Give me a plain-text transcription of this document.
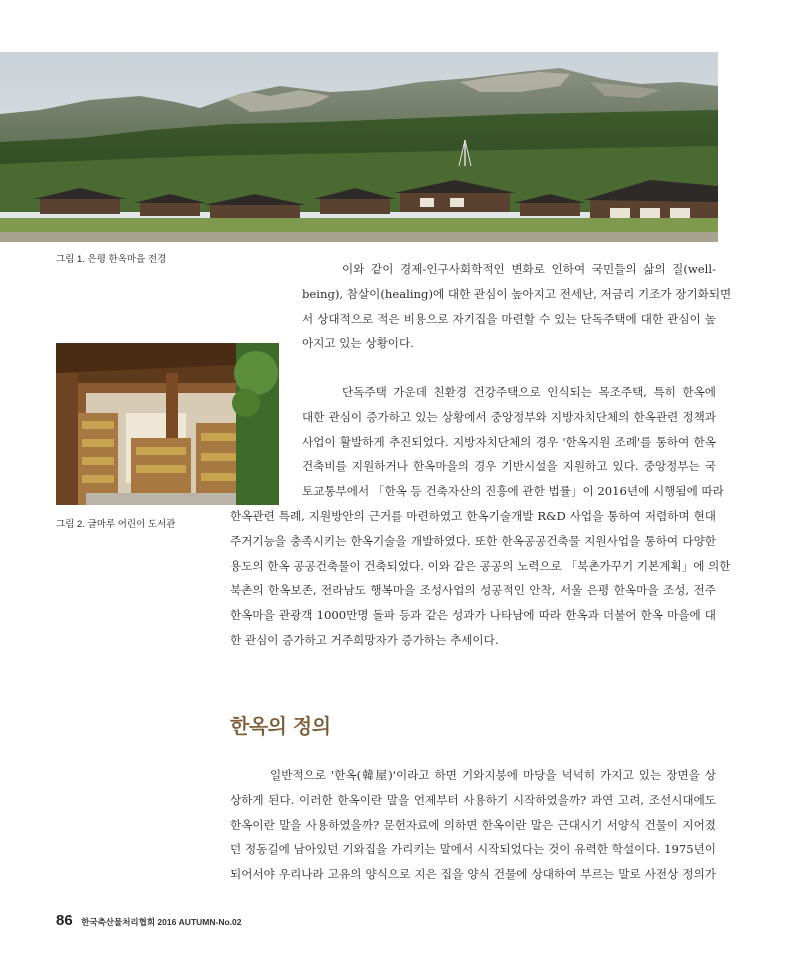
그림 1. 은평 한옥마을 전경
그림 2. 글마루 어린이 도서관
이와 같이 경제-인구사회학적인 변화로 인하여 국민들의 삶의 질(well-
being), 참살이(healing)에 대한 관심이 높아지고 전세난, 저금리 기조가 장기화되면
서 상대적으로 적은 비용으로 자기집을 마련할 수 있는 단독주택에 대한 관심이 높
아지고 있는 상황이다.
단독주택 가운데 친환경 건강주택으로 인식되는 목조주택, 특히 한옥에
대한 관심이 증가하고 있는 상황에서 중앙정부와 지방자치단체의 한옥관련 정책과
사업이 활발하게 추진되었다. 지방자치단체의 경우 '한옥지원 조례'를 통하여 한옥
건축비를 지원하거나 한옥마을의 경우 기반시설을 지원하고 있다. 중앙정부는 국
토교통부에서 「한옥 등 건축자산의 진흥에 관한 법률」이 2016년에 시행됨에 따라
한옥관련 특례, 지원방안의 근거를 마련하였고 한옥기술개발 R&D 사업을 통하여 저렴하며 현대
주거기능을 충족시키는 한옥기술을 개발하였다. 또한 한옥공공건축물 지원사업을 통하여 다양한
용도의 한옥 공공건축물이 건축되었다. 이와 같은 공공의 노력으로 「북촌가꾸기 기본계획」에 의한
북촌의 한옥보존, 전라남도 행복마을 조성사업의 성공적인 안착, 서울 은평 한옥마을 조성, 전주
한옥마을 관광객 1000만명 돌파 등과 같은 성과가 나타남에 따라 한옥과 더불어 한옥 마을에 대
한 관심이 증가하고 거주희망자가 증가하는 추세이다.
한옥의 정의
일반적으로 '한옥(韓屋)'이라고 하면 기와지붕에 마당을 넉넉히 가지고 있는 장면을 상
상하게 된다. 이러한 한옥이란 말을 언제부터 사용하기 시작하였을까? 과연 고려, 조선시대에도
한옥이란 말을 사용하였을까? 문헌자료에 의하면 한옥이란 말은 근대시기 서양식 건물이 지어졌
던 정동길에 남아있던 기와집을 가리키는 말에서 시작되었다는 것이 유력한 학설이다. 1975년이
되어서야 우리나라 고유의 양식으로 지은 집을 양식 건물에 상대하여 부르는 말로 사전상 정의가
86 한국축산물처리협회 2016 AUTUMN-No.02
